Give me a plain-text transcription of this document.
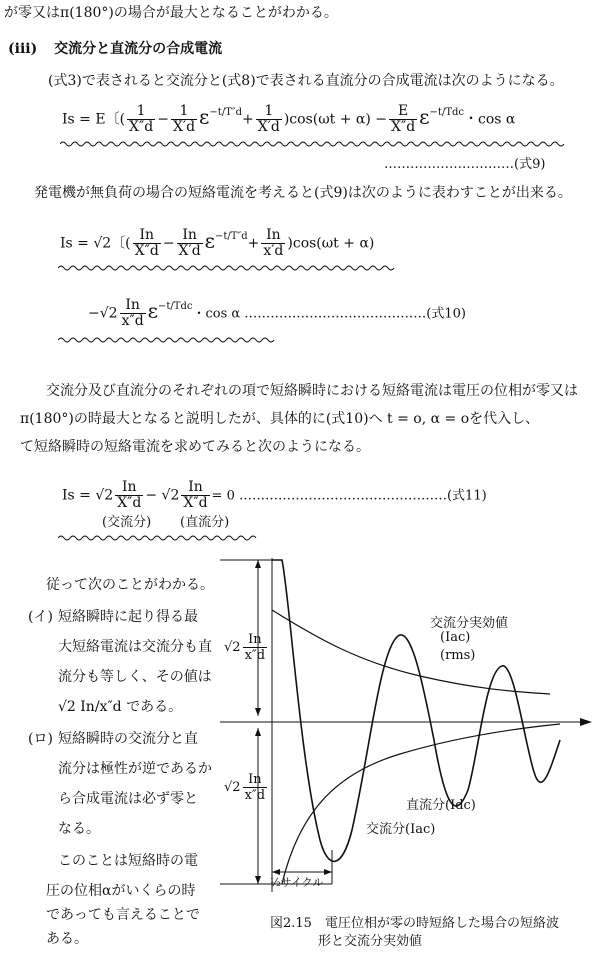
が零又はπ(180°)の場合が最大となることがわかる。
(iii) 交流分と直流分の合成電流
(式3)で表されると交流分と(式8)で表される直流分の合成電流は次のようになる。
Is = E〔( $\frac{1}{X''d} - \frac{1}{X'd} \varepsilon^{-t/T''d}+ \frac{1}{X'd} )\cos(\omega t + \alpha) - \frac{E}{X''d} \varepsilon^{-t/Tdc}$・cos α
…………………………(式9)
発電機が無負荷の場合の短絡電流を考えると(式9)は次のように表わすことが出来る。
Is = √2〔( $\frac{In}{X''d} - \frac{In}{X'd} \varepsilon^{-t/T''d}+ \frac{In}{x'd} )\cos(\omega t + \alpha)$
$-√2 \frac{In}{x''d} \varepsilon^{-t/Tdc}$・cos α ……………………………………(式10)
交流分及び直流分のそれぞれの項で短絡瞬時における短絡電流は電圧の位相が零又は
π(180°)の時最大となると説明したが、具体的に(式10)へ t = o, α = oを代入し、
て短絡瞬時の短絡電流を求めてみると次のようになる。
$Is = √2 \frac{In}{X''d} - √2 \frac{In}{X''d} = 0$ …………………………………………(式11)
(交流分) (直流分)
従って次のことがわかる。
(イ) 短絡瞬時に起り得る最
大短絡電流は交流分も直
流分も等しく、その値は
√2 In/x″d である。
(ロ) 短絡瞬時の交流分と直
流分は極性が逆であるか
ら合成電流は必ず零と
なる。
このことは短絡時の電
圧の位相αがいくらの時
であっても言えることで
ある。
$√2 \frac{In}{x''d}$
$√2 \frac{In}{x''d}$
交流分実効値
(Iac)
(rms)
直流分(Idc)
交流分(Iac)
½サイクル
図2.15　電圧位相が零の時短絡した場合の短絡波
形と交流分実効値
